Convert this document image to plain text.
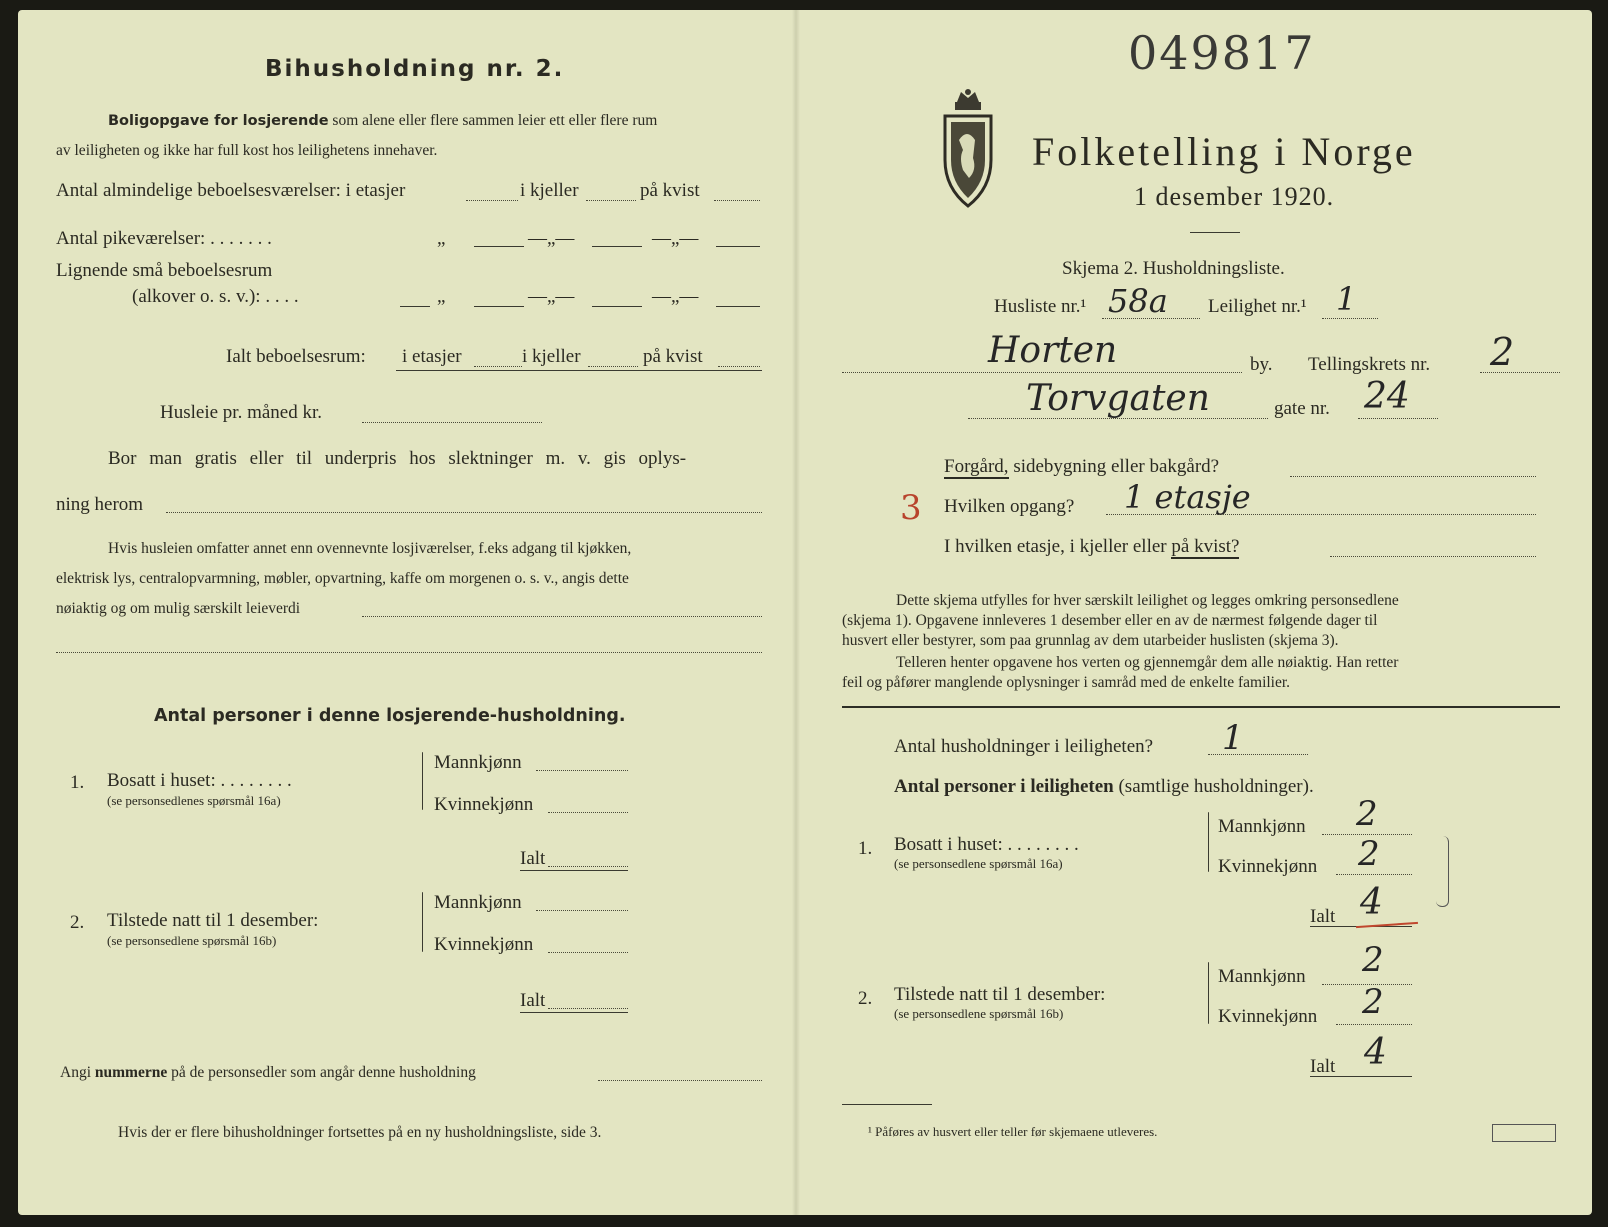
Bihusholdning nr. 2.
Boligopgave for losjerende som alene eller flere sammen leier ett eller flere rum
av leiligheten og ikke har full kost hos leilighetens innehaver.
Antal almindelige beboelsesværelser: i etasjer	i kjeller	på kvist
Antal pikeværelser: . . . . . . .	„	—„—	—„—
Lignende små beboelsesrum
(alkover o. s. v.): . . . .	„	—„—	—„—
Ialt beboelsesrum: i etasjer	i kjeller	på kvist
Husleie pr. måned kr.
Bor man gratis eller til underpris hos slektninger m. v. gis oplys-
ning herom
Hvis husleien omfatter annet enn ovennevnte losjiværelser, f.eks adgang til kjøkken,
elektrisk lys, centralopvarmning, møbler, opvartning, kaffe om morgenen o. s. v., angis dette
nøiaktig og om mulig særskilt leieverdi
Antal personer i denne losjerende-husholdning.
1. Bosatt i huset: . . . . . . . .
(se personsedlenes spørsmål 16a)
Mannkjønn
Kvinnekjønn
Ialt
2. Tilstede natt til 1 desember:
(se personsedlene spørsmål 16b)
Mannkjønn
Kvinnekjønn
Ialt
Angi nummerne på de personsedler som angår denne husholdning
Hvis der er flere bihusholdninger fortsettes på en ny husholdningsliste, side 3.
049817
Folketelling i Norge
1 desember 1920.
Skjema 2. Husholdningsliste.
Husliste nr.¹ 58a Leilighet nr.¹ 1
Horten	by. Tellingskrets nr. 2
Torvgaten	gate nr. 24
Forgård, sidebygning eller bakgård?
3 Hvilken opgang? 1 etasje
I hvilken etasje, i kjeller eller på kvist?
Dette skjema utfylles for hver særskilt leilighet og legges omkring personsedlene
(skjema 1). Opgavene innleveres 1 desember eller en av de nærmest følgende dager til
husvert eller bestyrer, som paa grunnlag av dem utarbeider huslisten (skjema 3).
Telleren henter opgavene hos verten og gjennemgår dem alle nøiaktig. Han retter
feil og påfører manglende oplysninger i samråd med de enkelte familier.
Antal husholdninger i leiligheten? 1
Antal personer i leiligheten (samtlige husholdninger).
1. Bosatt i huset: . . . . . . . .
(se personsedlene spørsmål 16a)
Mannkjønn 2
Kvinnekjønn 2
Ialt 4
2. Tilstede natt til 1 desember:
(se personsedlene spørsmål 16b)
Mannkjønn 2
Kvinnekjønn 2
Ialt 4
¹ Påføres av husvert eller teller før skjemaene utleveres.
